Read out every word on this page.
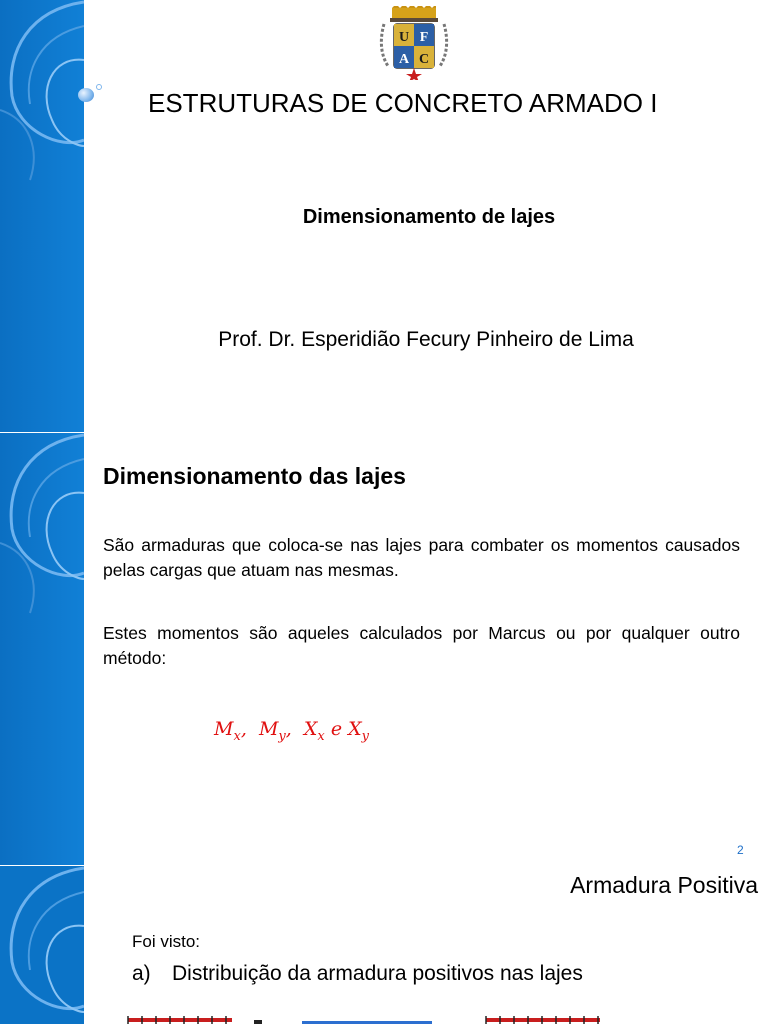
U F
A C
ESTRUTURAS DE CONCRETO ARMADO I
Dimensionamento de lajes
Prof. Dr. Esperidião Fecury Pinheiro de Lima
Dimensionamento das lajes

São armaduras que coloca-se nas lajes para combater os momentos causados pelas cargas que atuam nas mesmas.

Estes momentos são aqueles calculados por Marcus ou por qualquer outro método:

$M_x$,  $M_y$,  $X_x$ e $X_y$
2
Armadura Positiva
Foi visto:
a) Distribuição da armadura positivos nas lajes
